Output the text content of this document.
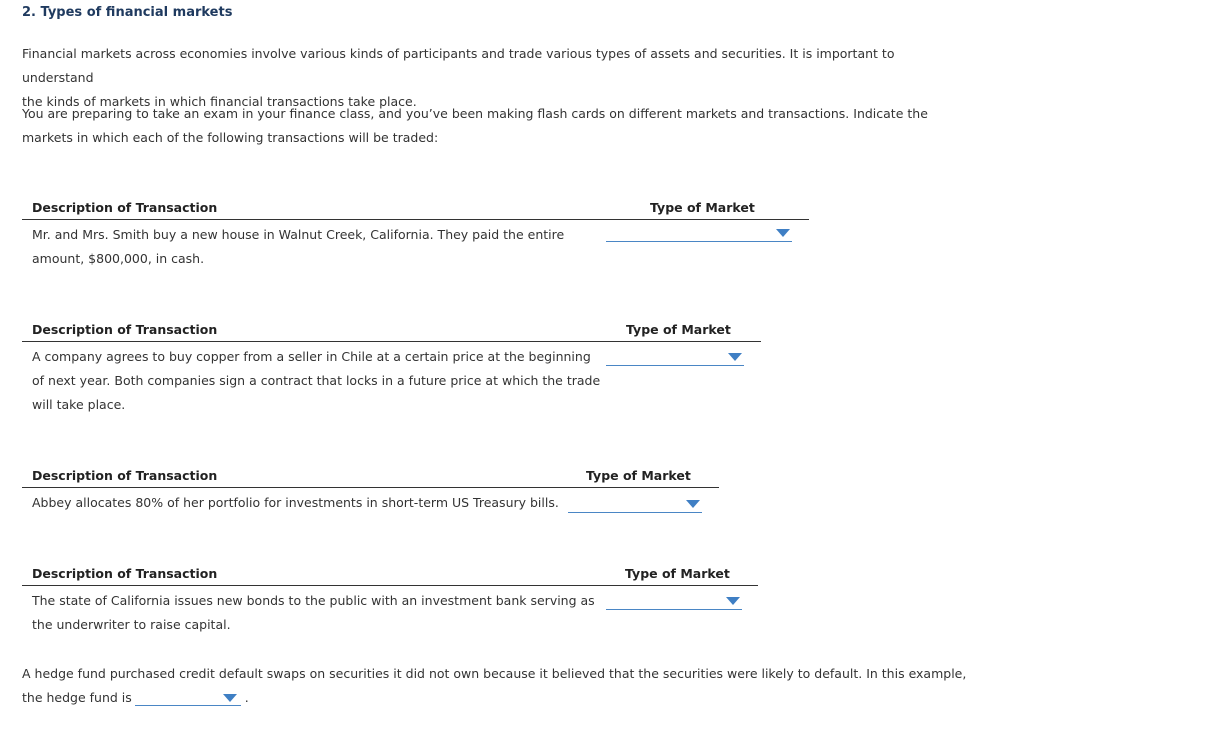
2. Types of financial markets
Financial markets across economies involve various kinds of participants and trade various types of assets and securities. It is important to understand
the kinds of markets in which financial transactions take place.
You are preparing to take an exam in your finance class, and you’ve been making flash cards on different markets and transactions. Indicate the
markets in which each of the following transactions will be traded:
Description of Transaction	Type of Market
Mr. and Mrs. Smith buy a new house in Walnut Creek, California. They paid the entire
amount, $800,000, in cash.
Description of Transaction	Type of Market
A company agrees to buy copper from a seller in Chile at a certain price at the beginning
of next year. Both companies sign a contract that locks in a future price at which the trade
will take place.
Description of Transaction	Type of Market
Abbey allocates 80% of her portfolio for investments in short-term US Treasury bills.
Description of Transaction	Type of Market
The state of California issues new bonds to the public with an investment bank serving as
the underwriter to raise capital.
A hedge fund purchased credit default swaps on securities it did not own because it believed that the securities were likely to default. In this example,
the hedge fund is	.
